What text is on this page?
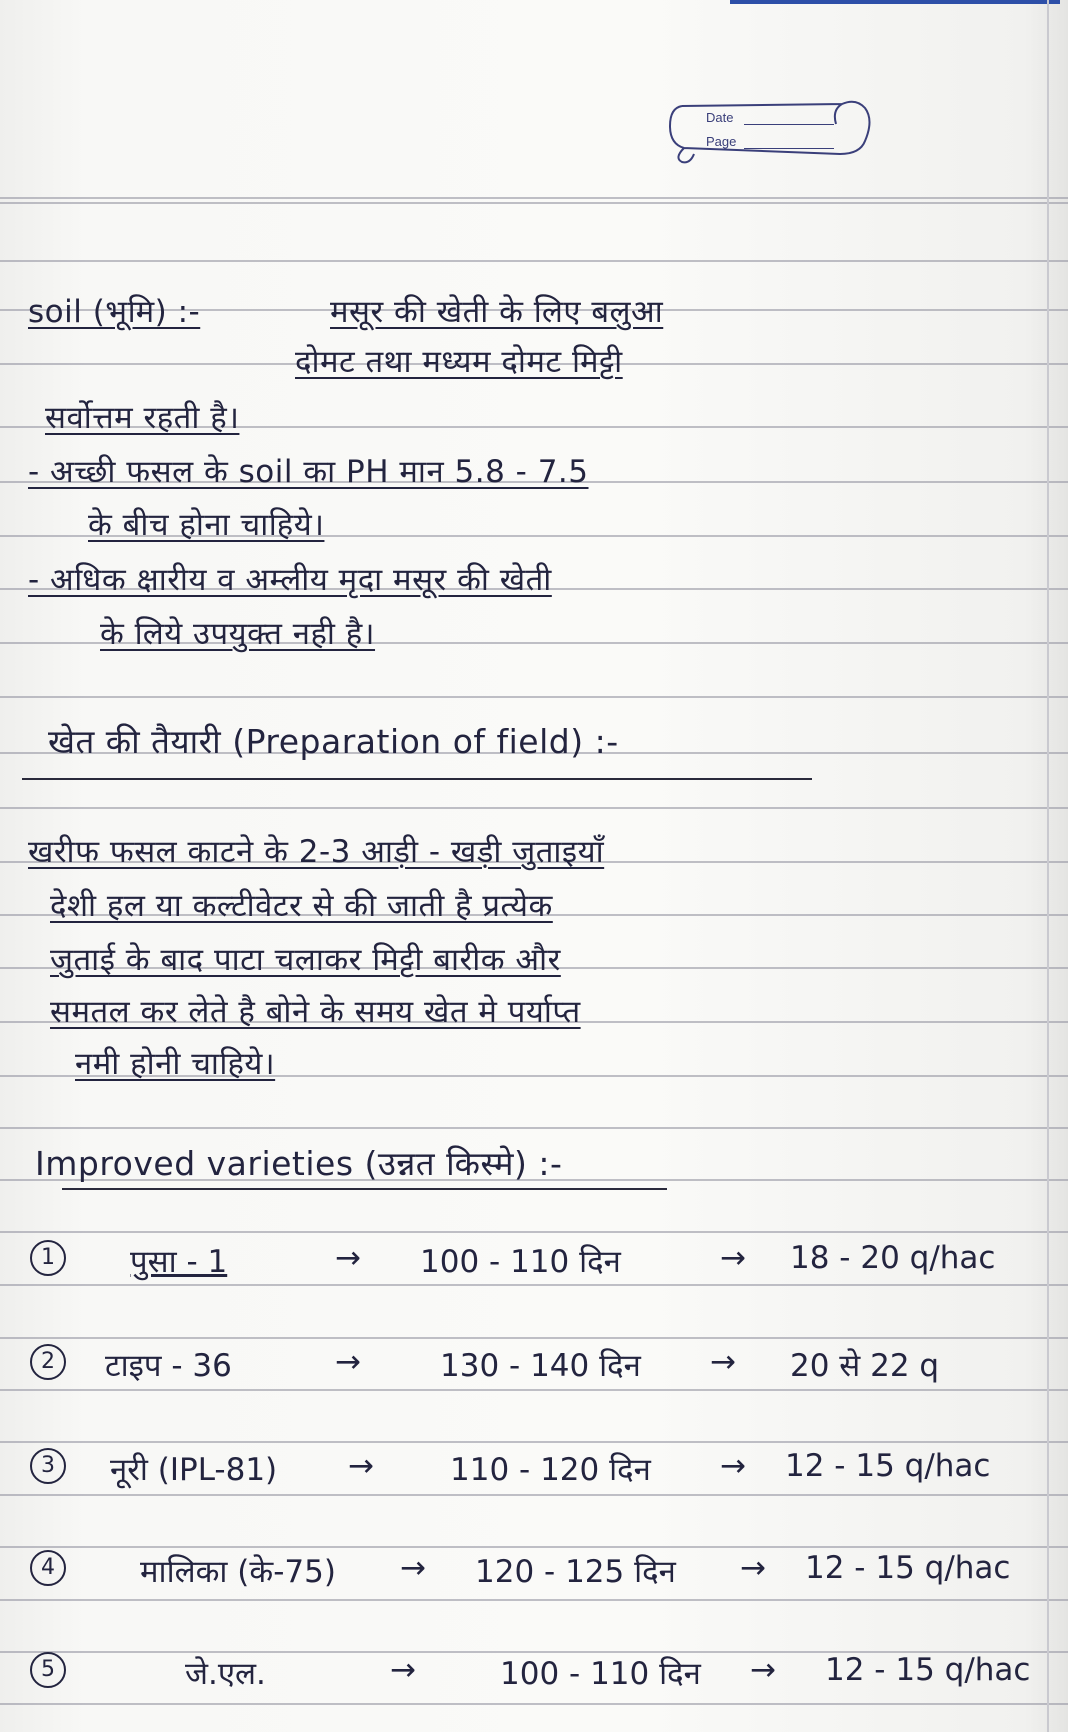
Date
Page
soil (भूमि) :-	मसूर की खेती के लिए बलुआ
दोमट तथा मध्यम दोमट मिट्टी
सर्वोत्तम रहती है।
- अच्छी फसल के soil का PH मान 5.8 - 7.5
के बीच होना चाहिये।
- अधिक क्षारीय व अम्लीय मृदा मसूर की खेती
के लिये उपयुक्त नही है।
खेत की तैयारी (Preparation of field) :-
खरीफ फसल काटने के 2-3 आड़ी - खड़ी जुताइयाँ
देशी हल या कल्टीवेटर से की जाती है प्रत्येक
जुताई के बाद पाटा चलाकर मिट्टी बारीक और
समतल कर लेते है बोने के समय खेत मे पर्याप्त
नमी होनी चाहिये।
Improved varieties (उन्नत किस्मे) :-
1	पुसा - 1	→ 100 - 110 दिन	→ 18 - 20 q/hac
2	टाइप - 36	→	130 - 140 दिन → 20 से 22 q
3	नूरी (IPL-81) → 110 - 120 दिन → 12 - 15 q/hac
4	मालिका (के-75) → 120 - 125 दिन → 12 - 15 q/hac
5	जे.एल.	→	100 - 110 दिन → 12 - 15 q/hac
